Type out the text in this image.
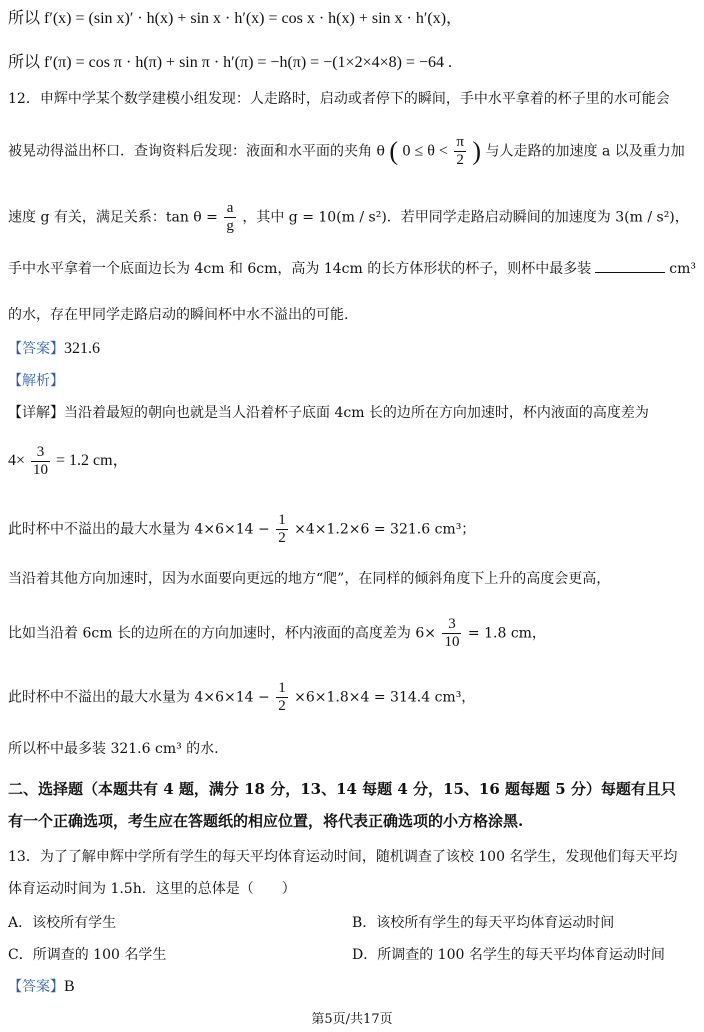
所以 f′(x) = (sin x)′ · h(x) + sin x · h′(x) = cos x · h(x) + sin x · h′(x)，
所以 f′(π) = cos π · h(π) + sin π · h′(π) = −h(π) = −(1×2×4×8) = −64 .
12．申辉中学某个数学建模小组发现：人走路时，启动或者停下的瞬间，手中水平拿着的杯子里的水可能会
被晃动得溢出杯口．查询资料后发现：液面和水平面的夹角 θ ( $0 \le \theta < \frac{\pi}{2}$ ) 与人走路的加速度 a 以及重力加
速度 g 有关，满足关系：$\tan \theta = \frac{a}{g}$ ，其中 g = 10(m / s²)．若甲同学走路启动瞬间的加速度为 3(m / s²)，
手中水平拿着一个底面边长为 4cm 和 6cm，高为 14cm 的长方体形状的杯子，则杯中最多装	cm³
的水，存在甲同学走路启动的瞬间杯中水不溢出的可能.
【答案】321.6
【解析】
【详解】当沿着最短的朝向也就是当人沿着杯子底面 4cm 长的边所在方向加速时，杯内液面的高度差为
$4\times \frac{3}{10} = 1.2$ cm，
此时杯中不溢出的最大水量为 $4\times 6\times 14 - \frac{1}{2} \times 4\times 1.2\times 6 = 321.6$ cm³；
当沿着其他方向加速时，因为水面要向更远的地方“爬”，在同样的倾斜角度下上升的高度会更高，
比如当沿着 6cm 长的边所在的方向加速时，杯内液面的高度差为 $6\times \frac{3}{10} = 1.8$ cm，
此时杯中不溢出的最大水量为 $4\times 6\times 14 - \frac{1}{2} \times 6\times 1.8\times 4 = 314.4$ cm³，
所以杯中最多装 321.6 cm³ 的水.
二、选择题（本题共有 4 题，满分 18 分，13、14 每题 4 分，15、16 题每题 5 分）每题有且只
有一个正确选项，考生应在答题纸的相应位置，将代表正确选项的小方格涂黑.
13．为了了解申辉中学所有学生的每天平均体育运动时间，随机调查了该校 100 名学生，发现他们每天平均
体育运动时间为 1.5h．这里的总体是（　　）
A．该校所有学生	B．该校所有学生的每天平均体育运动时间
C．所调查的 100 名学生	D．所调查的 100 名学生的每天平均体育运动时间
【答案】B
第5页/共17页
